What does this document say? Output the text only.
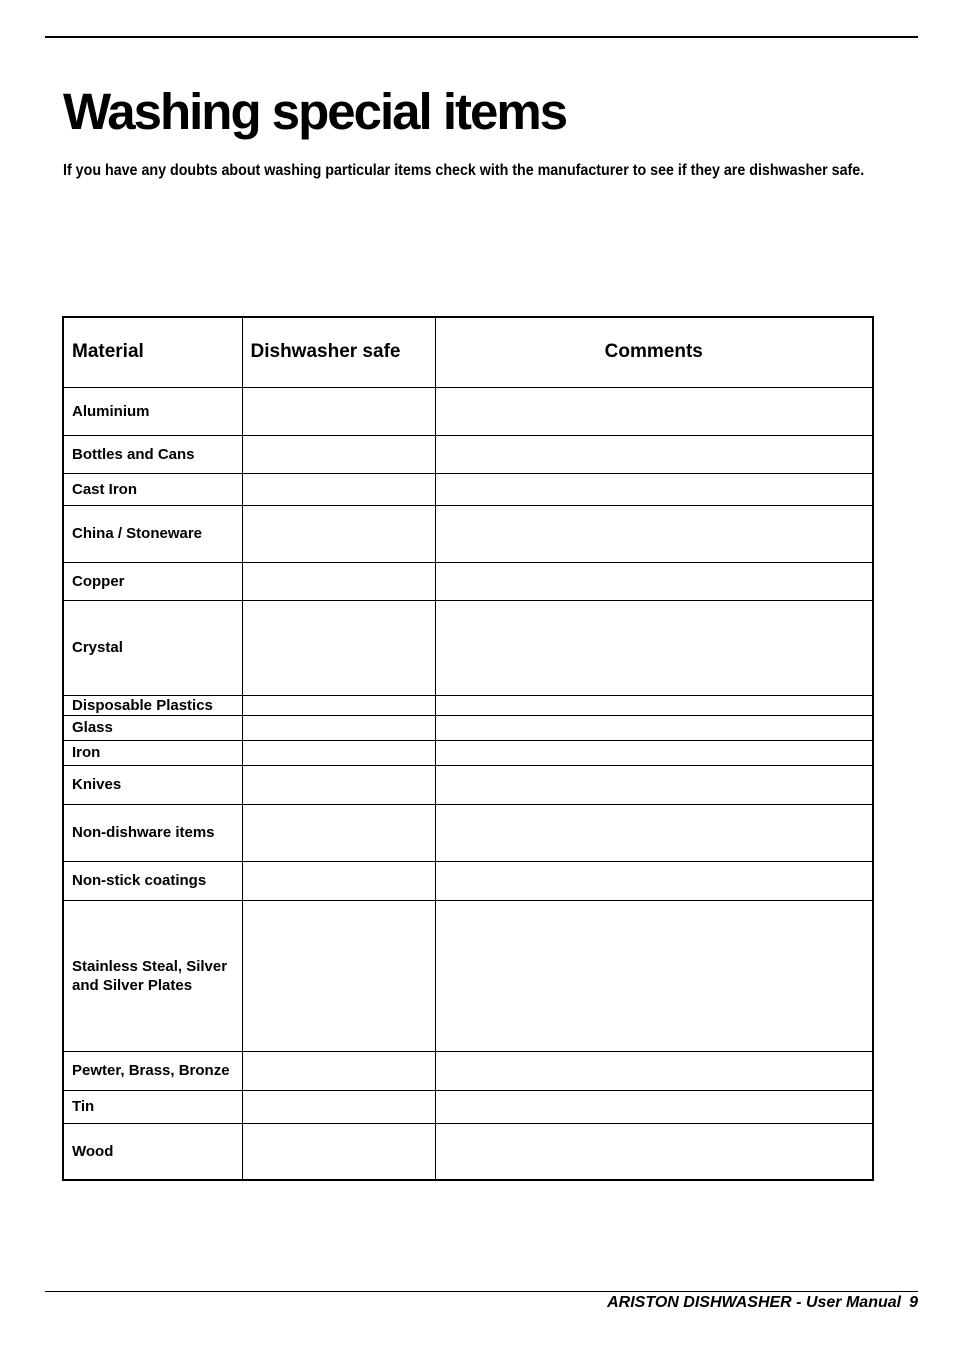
Washing special items

If you have any doubts about washing particular items check with the manufacturer to see if they are dishwasher safe.

Material	Dishwasher safe	Comments
Aluminium		
Bottles and Cans		
Cast Iron		
China / Stoneware		
Copper		
Crystal		
Disposable Plastics		
Glass		
Iron		
Knives		
Non-dishware items		
Non-stick coatings		
Stainless Steal, Silver and Silver Plates		
Pewter, Brass, Bronze		
Tin		
Wood		
ARISTON DISHWASHER - User Manual 9
